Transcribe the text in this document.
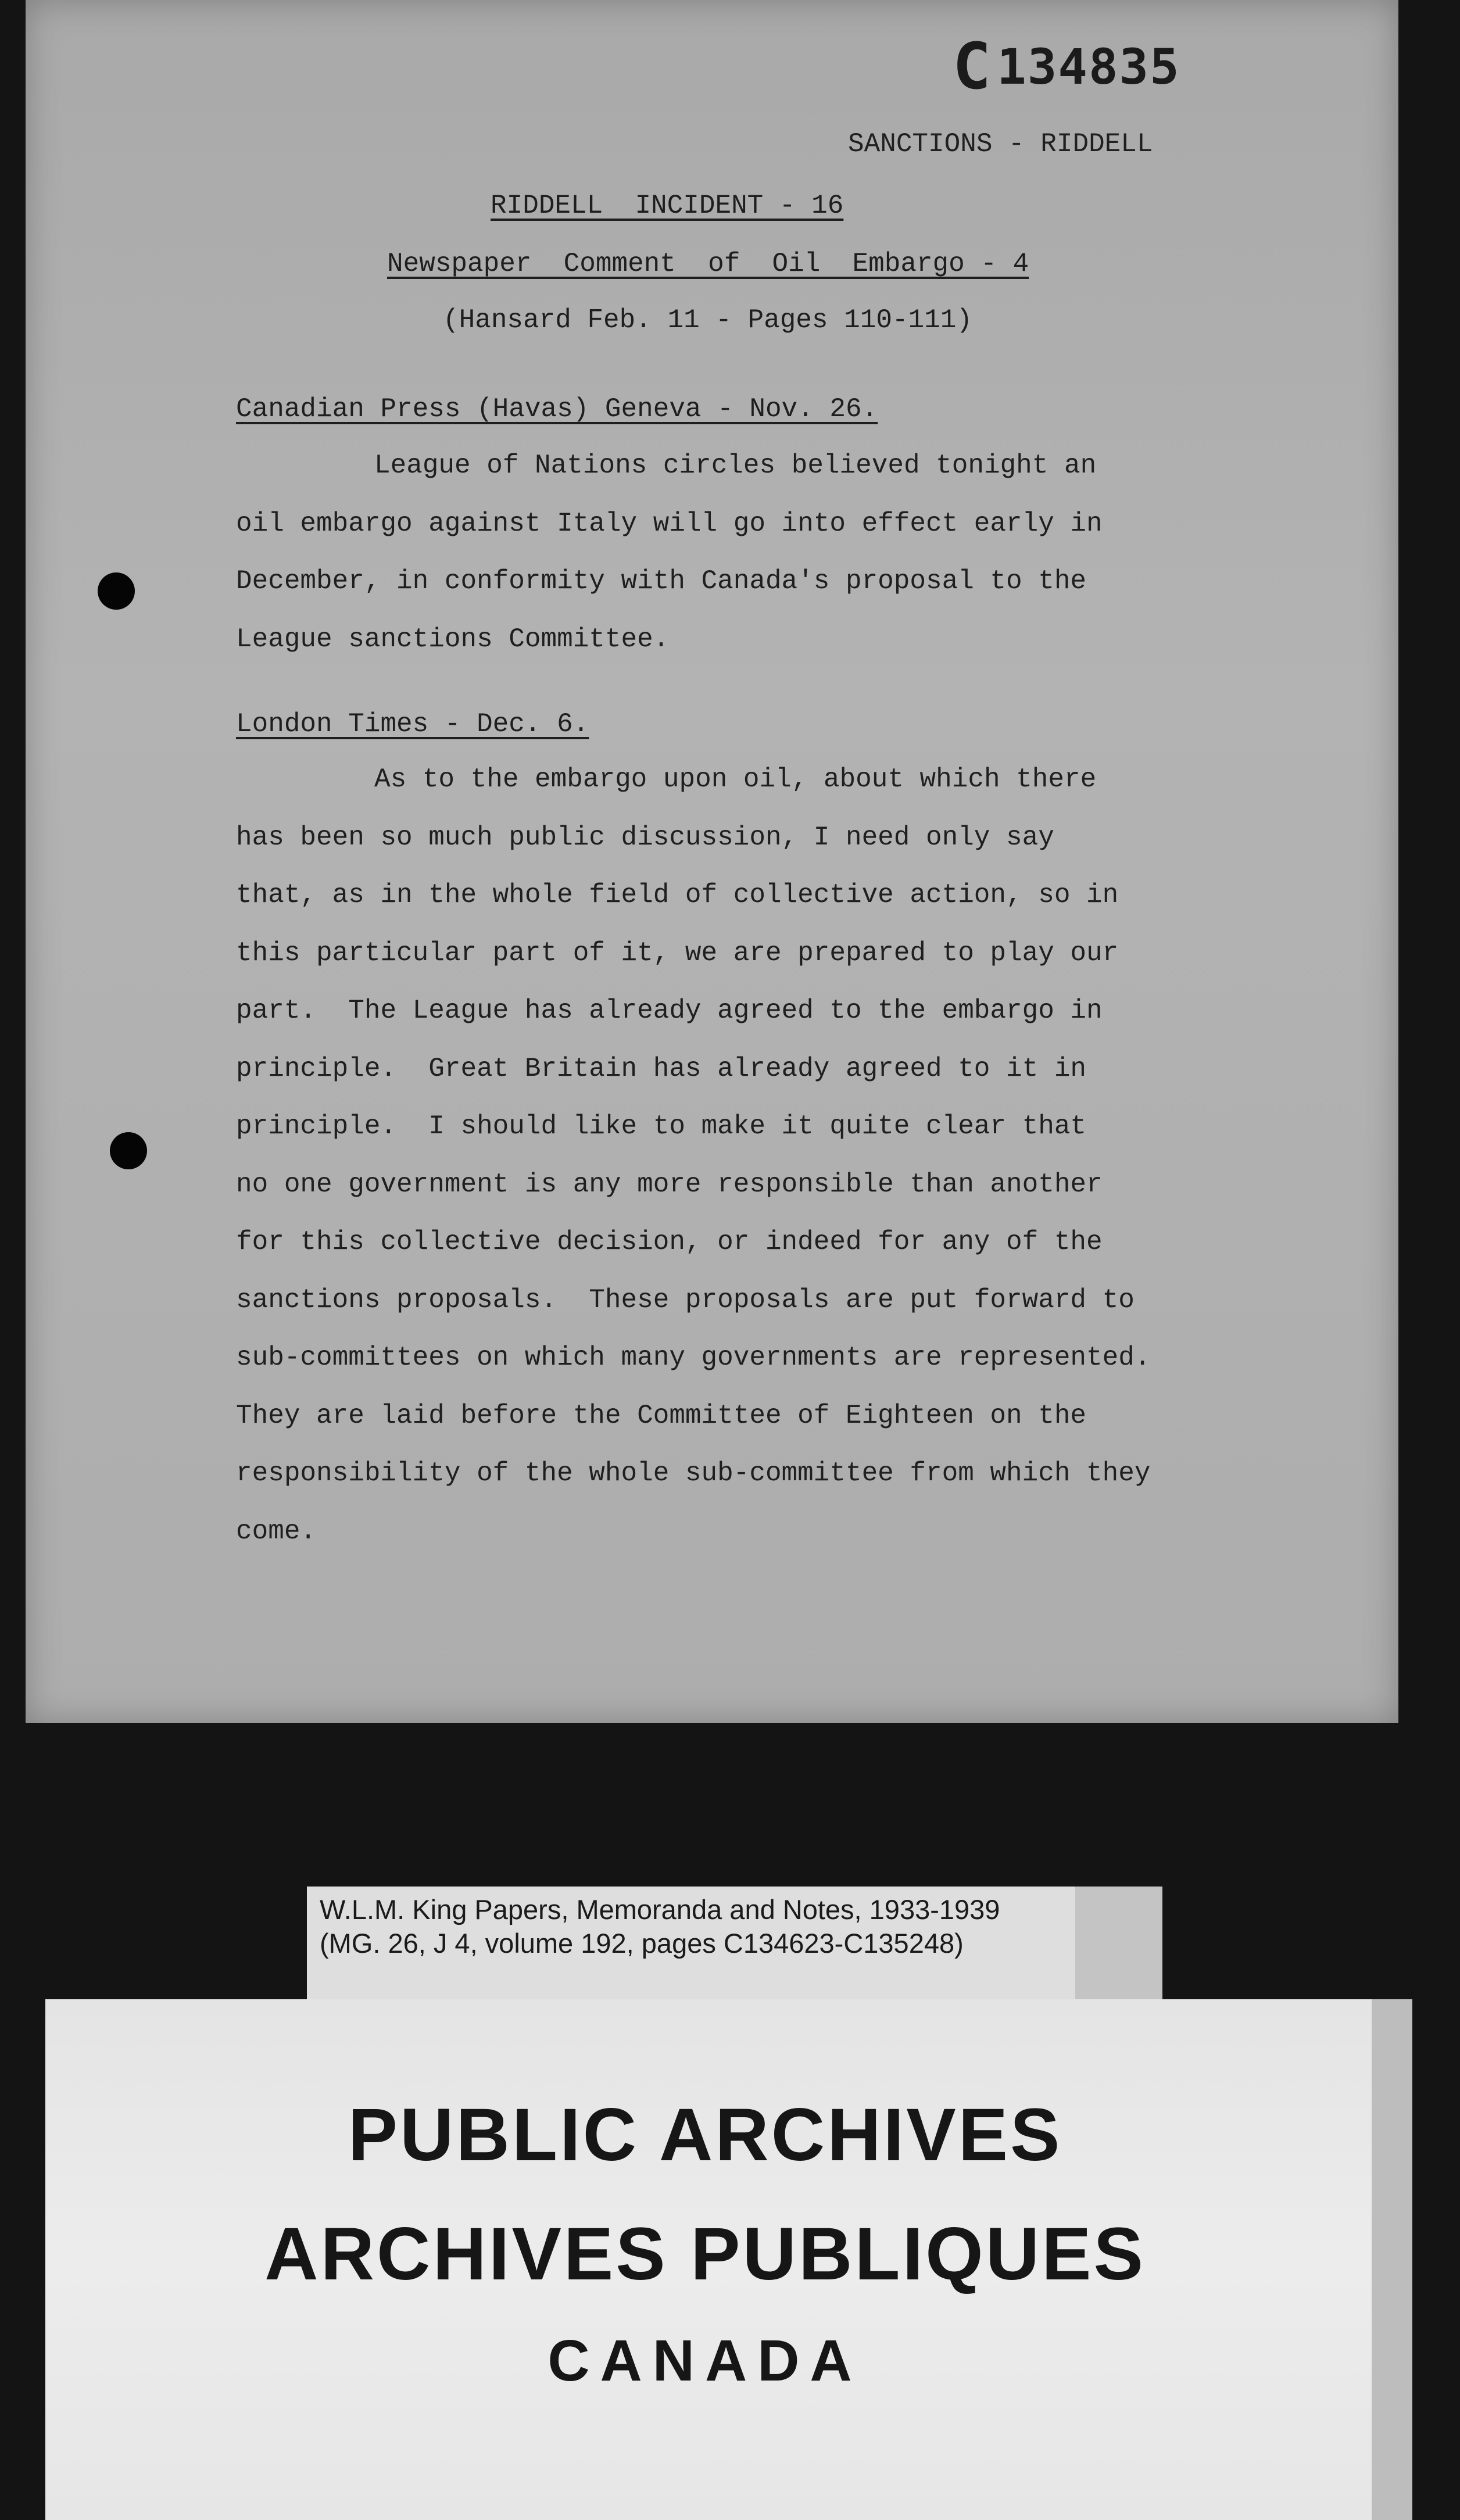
C134835
SANCTIONS - RIDDELL
RIDDELL  INCIDENT - 16
Newspaper  Comment  of  Oil  Embargo - 4
(Hansard Feb. 11 - Pages 110-111)
Canadian Press (Havas) Geneva - Nov. 26.
League of Nations circles believed tonight an
oil embargo against Italy will go into effect early in
December, in conformity with Canada's proposal to the
League sanctions Committee.
London Times - Dec. 6.
As to the embargo upon oil, about which there
has been so much public discussion, I need only say
that, as in the whole field of collective action, so in
this particular part of it, we are prepared to play our
part.  The League has already agreed to the embargo in
principle.  Great Britain has already agreed to it in
principle.  I should like to make it quite clear that
no one government is any more responsible than another
for this collective decision, or indeed for any of the
sanctions proposals.  These proposals are put forward to
sub-committees on which many governments are represented.
They are laid before the Committee of Eighteen on the
responsibility of the whole sub-committee from which they
come.
W.L.M. King Papers, Memoranda and Notes, 1933-1939
(MG. 26, J 4, volume 192, pages C134623-C135248)
PUBLIC ARCHIVES
ARCHIVES PUBLIQUES
CANADA
